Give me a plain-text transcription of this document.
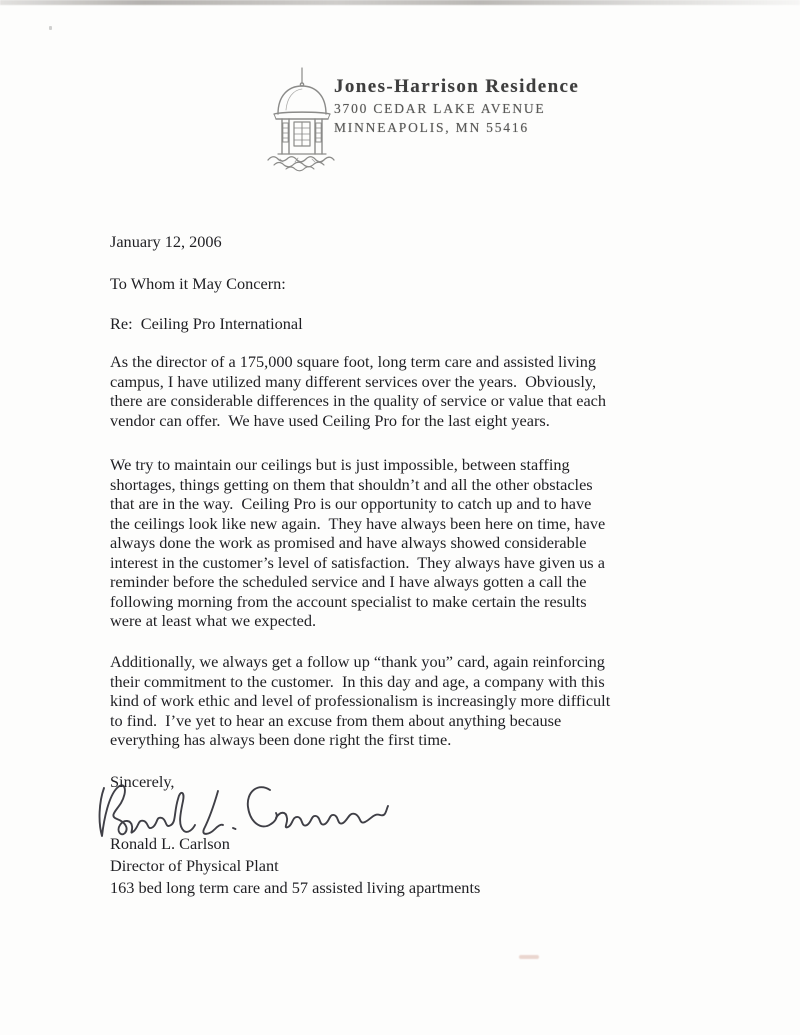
Jones-Harrison Residence
3700 CEDAR LAKE AVENUE
MINNEAPOLIS, MN 55416
January 12, 2006
To Whom it May Concern:
Re:  Ceiling Pro International
As the director of a 175,000 square foot, long term care and assisted living
campus, I have utilized many different services over the years.  Obviously,
there are considerable differences in the quality of service or value that each
vendor can offer.  We have used Ceiling Pro for the last eight years.
We try to maintain our ceilings but is just impossible, between staffing
shortages, things getting on them that shouldn’t and all the other obstacles
that are in the way.  Ceiling Pro is our opportunity to catch up and to have
the ceilings look like new again.  They have always been here on time, have
always done the work as promised and have always showed considerable
interest in the customer’s level of satisfaction.  They always have given us a
reminder before the scheduled service and I have always gotten a call the
following morning from the account specialist to make certain the results
were at least what we expected.
Additionally, we always get a follow up “thank you” card, again reinforcing
their commitment to the customer.  In this day and age, a company with this
kind of work ethic and level of professionalism is increasingly more difficult
to find.  I’ve yet to hear an excuse from them about anything because
everything has always been done right the first time.
Sincerely,
Ronald L. Carlson
Director of Physical Plant
163 bed long term care and 57 assisted living apartments
